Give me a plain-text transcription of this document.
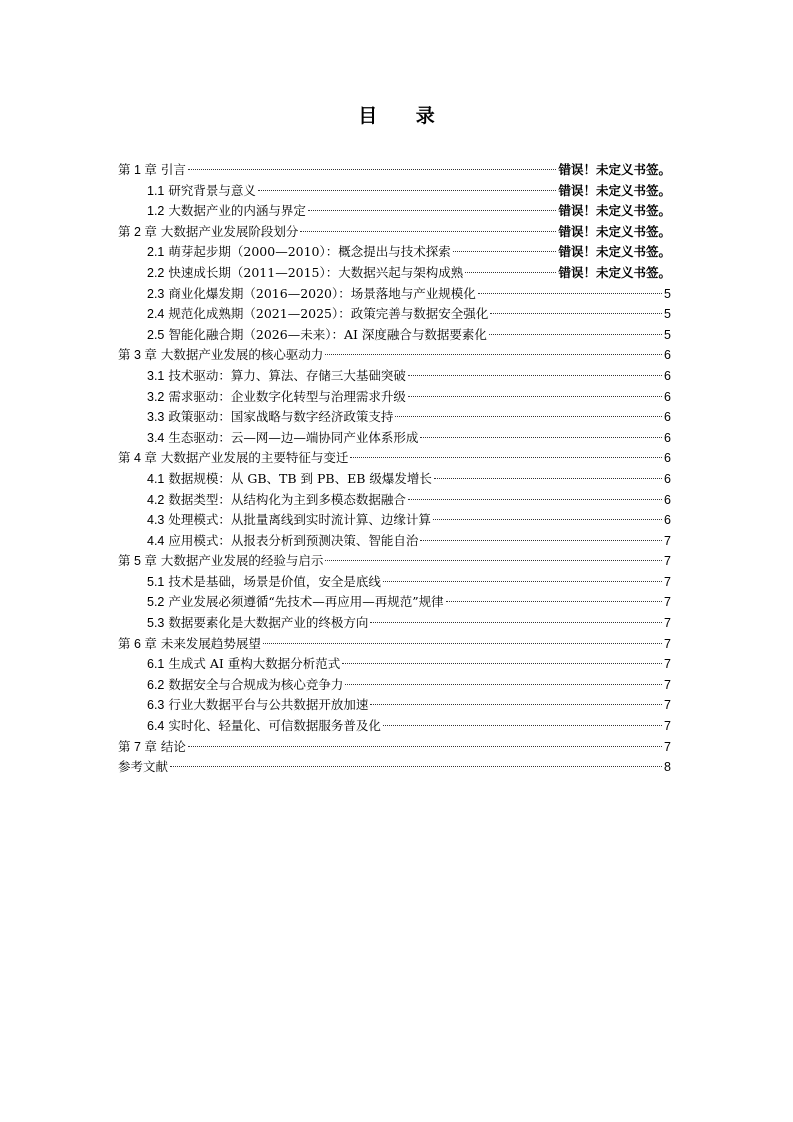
目 录
第 1 章 引言	错误！未定义书签。
1.1 研究背景与意义	错误！未定义书签。
1.2 大数据产业的内涵与界定	错误！未定义书签。
第 2 章 大数据产业发展阶段划分	错误！未定义书签。
2.1 萌芽起步期（2000—2010）：概念提出与技术探索	错误！未定义书签。
2.2 快速成长期（2011—2015）：大数据兴起与架构成熟	错误！未定义书签。
2.3 商业化爆发期（2016—2020）：场景落地与产业规模化	5
2.4 规范化成熟期（2021—2025）：政策完善与数据安全强化	5
2.5 智能化融合期（2026—未来）：AI 深度融合与数据要素化	5
第 3 章 大数据产业发展的核心驱动力	6
3.1 技术驱动：算力、算法、存储三大基础突破	6
3.2 需求驱动：企业数字化转型与治理需求升级	6
3.3 政策驱动：国家战略与数字经济政策支持	6
3.4 生态驱动：云—网—边—端协同产业体系形成	6
第 4 章 大数据产业发展的主要特征与变迁	6
4.1 数据规模：从 GB、TB 到 PB、EB 级爆发增长	6
4.2 数据类型：从结构化为主到多模态数据融合	6
4.3 处理模式：从批量离线到实时流计算、边缘计算	6
4.4 应用模式：从报表分析到预测决策、智能自治	7
第 5 章 大数据产业发展的经验与启示	7
5.1 技术是基础，场景是价值，安全是底线	7
5.2 产业发展必须遵循“先技术—再应用—再规范”规律	7
5.3 数据要素化是大数据产业的终极方向	7
第 6 章 未来发展趋势展望	7
6.1 生成式 AI 重构大数据分析范式	7
6.2 数据安全与合规成为核心竞争力	7
6.3 行业大数据平台与公共数据开放加速	7
6.4 实时化、轻量化、可信数据服务普及化	7
第 7 章 结论	7
参考文献	8
